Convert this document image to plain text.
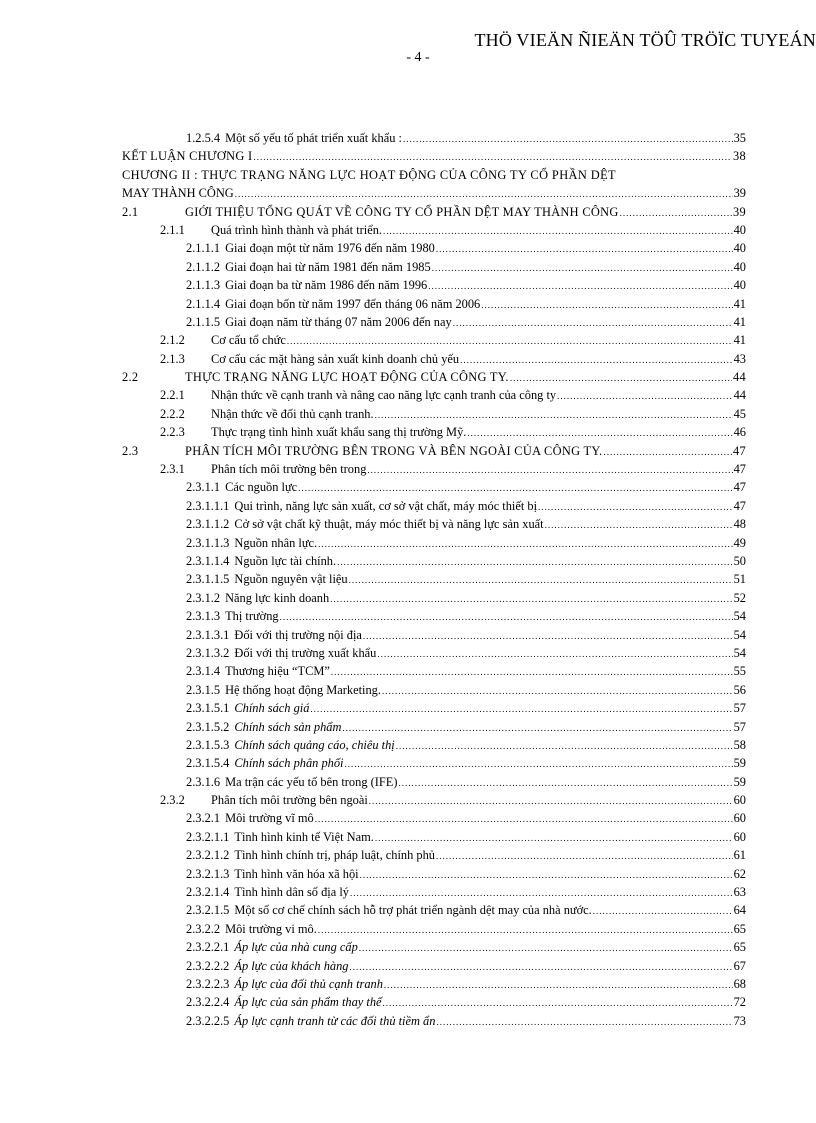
THÖ VIEÄN ÑIEÄN TÖÛ TRÖÏC TUYEÁN
- 4 -
1.2.5.4 Một số yếu tố phát triển xuất khẩu : .....	35
KẾT LUẬN CHƯƠNG I .....	38
CHƯƠNG II : THỰC TRẠNG NĂNG LỰC HOẠT ĐỘNG CỦA CÔNG TY CỔ PHẦN DỆT
MAY THÀNH CÔNG .....	39
2.1	GIỚI THIỆU TỔNG QUÁT VỀ CÔNG TY CỔ PHẦN DỆT MAY THÀNH CÔNG .....	39
2.1.1	Quá trình hình thành và phát triển. .....	40
2.1.1.1 Giai đoạn một từ năm 1976 đến năm 1980 .....	40
2.1.1.2 Giai đoạn hai từ năm 1981 đến năm 1985 .....	40
2.1.1.3 Giai đoạn ba từ năm 1986 đến năm 1996 .....	40
2.1.1.4 Giai đoạn bốn từ năm 1997 đến tháng 06 năm 2006 .....	41
2.1.1.5 Giai đoạn năm từ tháng 07 năm 2006 đến nay .....	41
2.1.2	Cơ cấu tổ chức .....	41
2.1.3	Cơ cấu các mặt hàng sản xuất kinh doanh chủ yếu .....	43
2.2	THỰC TRẠNG NĂNG LỰC HOẠT ĐỘNG CỦA CÔNG TY. .....	44
2.2.1	Nhận thức về cạnh tranh và nâng cao năng lực cạnh tranh của công ty .....	44
2.2.2	Nhận thức về đối thủ cạnh tranh. .....	45
2.2.3	Thực trạng tình hình xuất khẩu sang thị trường Mỹ. .....	46
2.3	PHÂN TÍCH MÔI TRƯỜNG BÊN TRONG VÀ BÊN NGOÀI CỦA CÔNG TY. .....	47
2.3.1	Phân tích môi trường bên trong .....	47
2.3.1.1 Các nguồn lực .....	47
2.3.1.1.1 Qui trình, năng lực sản xuất, cơ sở vật chất, máy móc thiết bị .....	47
2.3.1.1.2 Cở sở vật chất kỹ thuật, máy móc thiết bị và năng lực sản xuất .....	48
2.3.1.1.3 Nguồn nhân lực. .....	49
2.3.1.1.4 Nguồn lực tài chính. .....	50
2.3.1.1.5 Nguồn nguyên vật liệu .....	51
2.3.1.2 Năng lực kinh doanh .....	52
2.3.1.3 Thị trường .....	54
2.3.1.3.1 Đối với thị trường nội địa .....	54
2.3.1.3.2 Đối với thị trường xuất khẩu .....	54
2.3.1.4 Thương hiệu “TCM” .....	55
2.3.1.5 Hệ thống hoạt động Marketing. .....	56
2.3.1.5.1 Chính sách giá .....	57
2.3.1.5.2 Chính sách sản phẩm .....	57
2.3.1.5.3 Chính sách quảng cáo, chiêu thị .....	58
2.3.1.5.4 Chính sách phân phối .....	59
2.3.1.6 Ma trận các yếu tố bên trong (IFE) .....	59
2.3.2	Phân tích môi trường bên ngoài .....	60
2.3.2.1 Môi trường vĩ mô .....	60
2.3.2.1.1 Tình hình kinh tế Việt Nam. .....	60
2.3.2.1.2 Tình hình chính trị, pháp luật, chính phủ .....	61
2.3.2.1.3 Tình hình văn hóa xã hội .....	62
2.3.2.1.4 Tình hình dân số địa lý .....	63
2.3.2.1.5 Một số cơ chế chính sách hỗ trợ phát triển ngành dệt may của nhà nước. .....	64
2.3.2.2 Môi trường vi mô. .....	65
2.3.2.2.1 Áp lực của nhà cung cấp .....	65
2.3.2.2.2 Áp lực của khách hàng .....	67
2.3.2.2.3 Áp lực của đối thủ cạnh tranh .....	68
2.3.2.2.4 Áp lực của sản phẩm thay thế .....	72
2.3.2.2.5 Áp lực cạnh tranh từ các đối thủ tiềm ẩn .....	73
